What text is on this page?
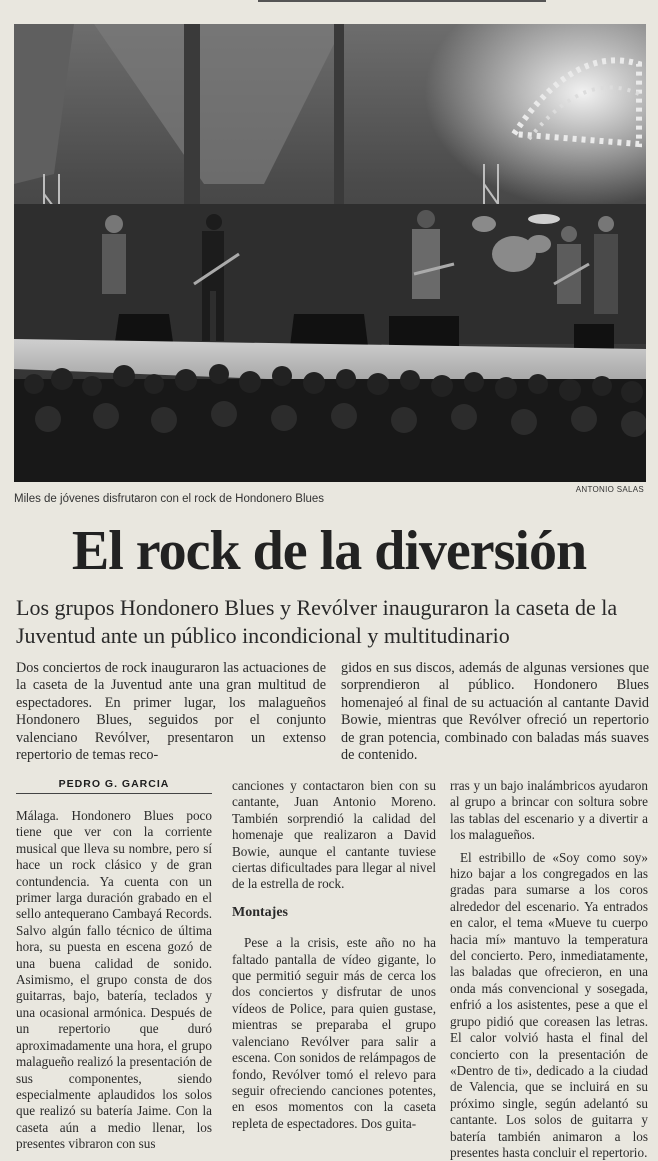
ANTONIO SALAS
Miles de jóvenes disfrutaron con el rock de Hondonero Blues
El rock de la diversión

Los grupos Hondonero Blues y Revólver inauguraron la caseta de la Juventud ante un público incondicional y multitudinario

Dos conciertos de rock inauguraron las actuaciones de la caseta de la Juventud ante una gran multitud de espectadores. En primer lugar, los malagueños Hondonero Blues, seguidos por el conjunto valenciano Revólver, presentaron un extenso repertorio de temas reco-

gidos en sus discos, además de algunas versiones que sorprendieron al público. Hondonero Blues homenajeó al final de su actuación al cantante David Bowie, mientras que Revólver ofreció un repertorio de gran potencia, combinado con baladas más suaves de contenido.

PEDRO G. GARCIA

Málaga. Hondonero Blues poco tiene que ver con la corriente musical que lleva su nombre, pero sí hace un rock clásico y de gran contundencia. Ya cuenta con un primer larga duración grabado en el sello antequerano Cambayá Records. Salvo algún fallo técnico de última hora, su puesta en escena gozó de una buena calidad de sonido. Asimismo, el grupo consta de dos guitarras, bajo, batería, teclados y una ocasional armónica. Después de un repertorio que duró aproximadamente una hora, el grupo malagueño realizó la presentación de sus componentes, siendo especialmente aplaudidos los solos que realizó su batería Jaime. Con la caseta aún a medio llenar, los presentes vibraron con sus

canciones y contactaron bien con su cantante, Juan Antonio Moreno. También sorprendió la calidad del homenaje que realizaron a David Bowie, aunque el cantante tuviese ciertas dificultades para llegar al nivel de la estrella de rock.

Montajes

Pese a la crisis, este año no ha faltado pantalla de vídeo gigante, lo que permitió seguir más de cerca los dos conciertos y disfrutar de unos vídeos de Police, para quien gustase, mientras se preparaba el grupo valenciano Revólver para salir a escena. Con sonidos de relámpagos de fondo, Revólver tomó el relevo para seguir ofreciendo canciones potentes, en esos momentos con la caseta repleta de espectadores. Dos guita-

rras y un bajo inalámbricos ayudaron al grupo a brincar con soltura sobre las tablas del escenario y a divertir a los malagueños.

El estribillo de «Soy como soy» hizo bajar a los congregados en las gradas para sumarse a los coros alrededor del escenario. Ya entrados en calor, el tema «Mueve tu cuerpo hacia mí» mantuvo la temperatura del concierto. Pero, inmediatamente, las baladas que ofrecieron, en una onda más convencional y sosegada, enfrió a los asistentes, pese a que el grupo pidió que coreasen las letras. El calor volvió hasta el final del concierto con la presentación de «Dentro de ti», dedicado a la ciudad de Valencia, que se incluirá en su próximo single, según adelantó su cantante. Los solos de guitarra y batería también animaron a los presentes hasta concluir el repertorio.
